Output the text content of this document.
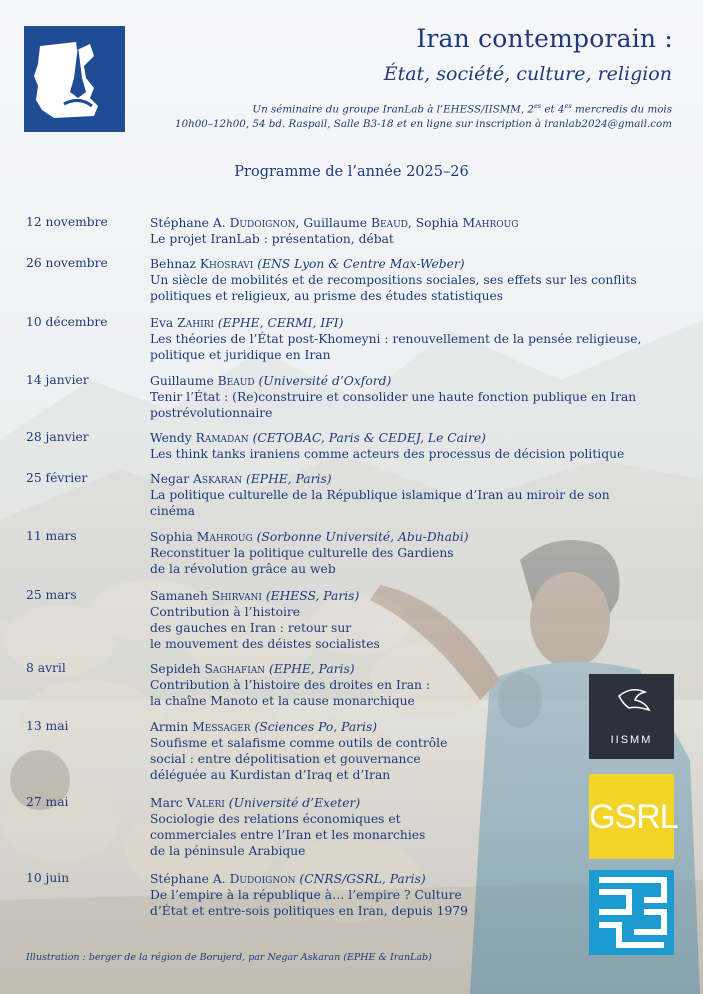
Iran contemporain :
État, société, culture, religion
Un séminaire du groupe IranLab à l’EHESS/IISMM, $2^{es}$ et $4^{es}$ mercredis du mois
10h00–12h00, 54 bd. Raspail, Salle B3-18 et en ligne sur inscription à iranlab2024@gmail.com
Programme de l’année 2025–26
12 novembre	Stéphane A. Dudoignon, Guillaume Beaud, Sophia Mahroug
Le projet IranLab : présentation, débat
26 novembre	Behnaz Khosravi (ENS Lyon & Centre Max-Weber)
Un siècle de mobilités et de recompositions sociales, ses effets sur les conflits
politiques et religieux, au prisme des études statistiques
10 décembre	Eva Zahiri (EPHE, CERMI, IFI)
Les théories de l’État post-Khomeyni : renouvellement de la pensée religieuse,
politique et juridique en Iran
14 janvier	Guillaume Beaud (Université d’Oxford)
Tenir l’État : (Re)construire et consolider une haute fonction publique en Iran
postrévolutionnaire
28 janvier	Wendy Ramadan (CETOBAC, Paris & CEDEJ, Le Caire)
Les think tanks iraniens comme acteurs des processus de décision politique
25 février	Negar Askaran (EPHE, Paris)
La politique culturelle de la République islamique d’Iran au miroir de son
cinéma
11 mars	Sophia Mahroug (Sorbonne Université, Abu-Dhabi)
Reconstituer la politique culturelle des Gardiens
de la révolution grâce au web
25 mars	Samaneh Shirvani (EHESS, Paris)
Contribution à l’histoire
des gauches en Iran : retour sur
le mouvement des déistes socialistes
8 avril	Sepideh Saghafian (EPHE, Paris)
Contribution à l’histoire des droites en Iran :
la chaîne Manoto et la cause monarchique
13 mai	Armin Messager (Sciences Po, Paris)
Soufisme et salafisme comme outils de contrôle
social : entre dépolitisation et gouvernance
déléguée au Kurdistan d’Iraq et d’Iran
27 mai	Marc Valeri (Université d’Exeter)
Sociologie des relations économiques et
commerciales entre l’Iran et les monarchies
de la péninsule Arabique
10 juin	Stéphane A. Dudoignon (CNRS/GSRL, Paris)
De l’empire à la république à… l’empire ? Culture
d’État et entre-sois politiques en Iran, depuis 1979
IISMM
GSRL
Illustration : berger de la région de Borujerd, par Negar Askaran (EPHE & IranLab)
